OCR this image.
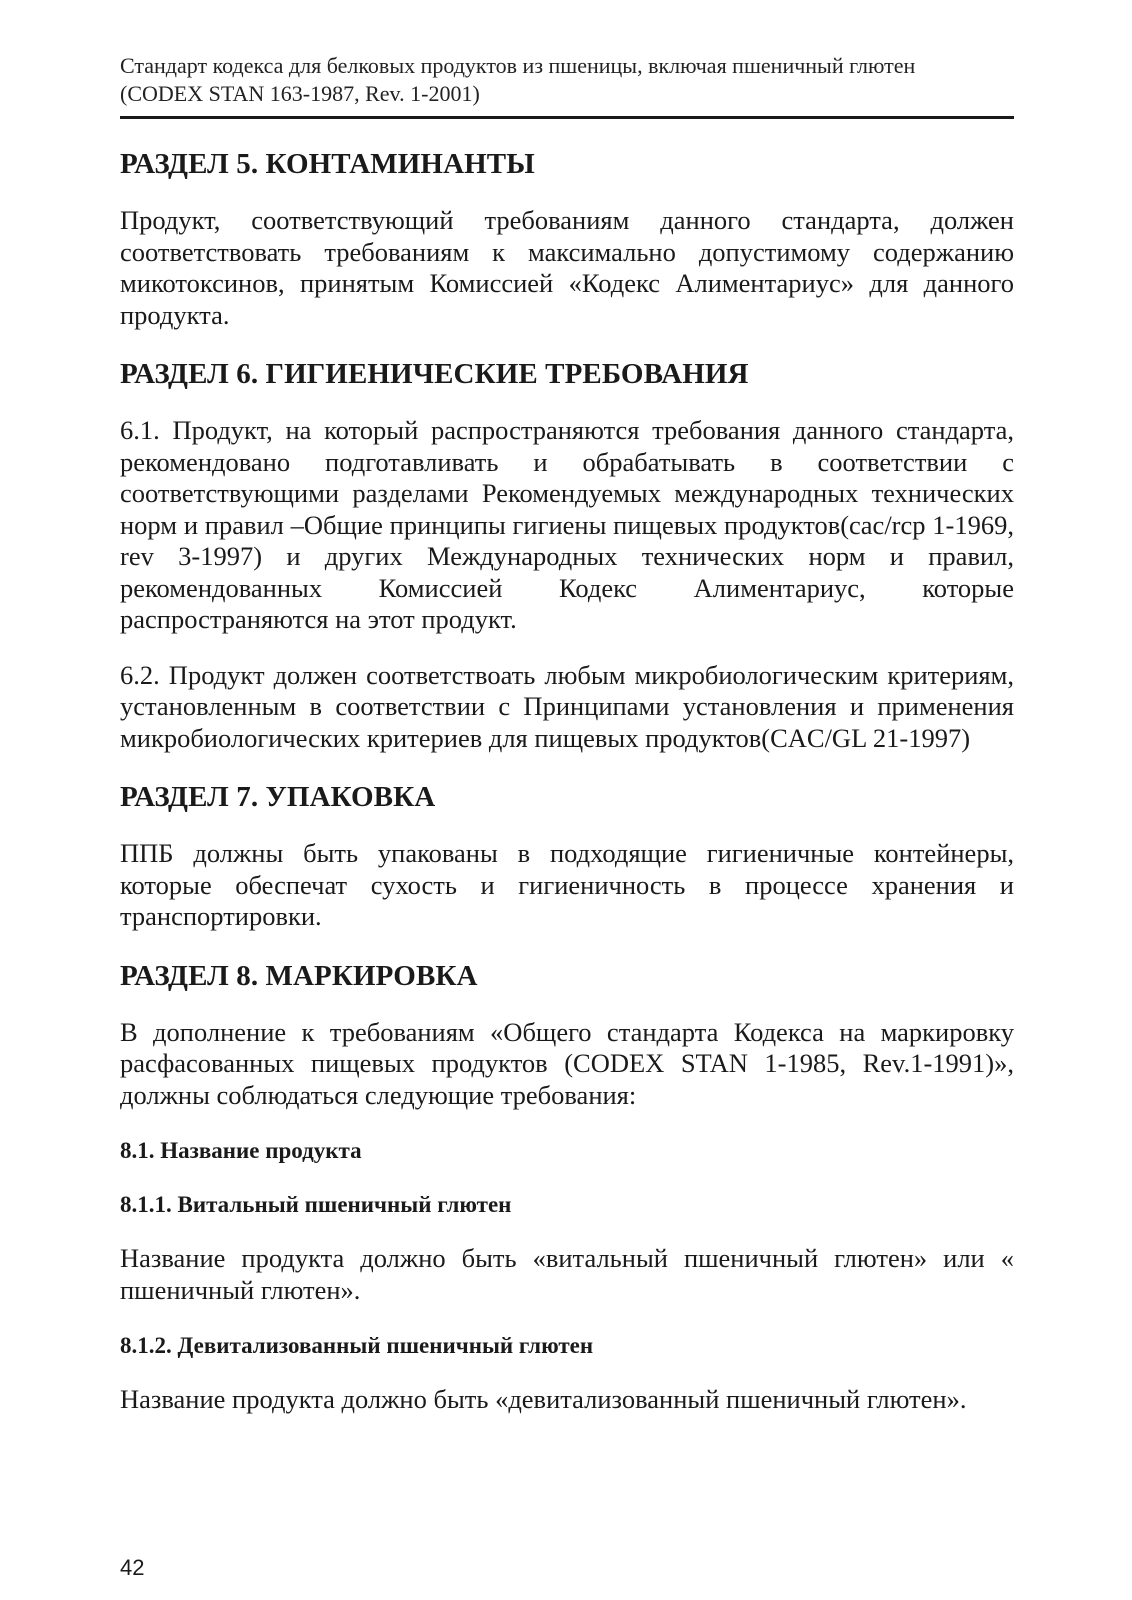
Стандарт кодекса для белковых продуктов из пшеницы, включая пшеничный глютен
(CODEX STAN 163-1987, Rev. 1-2001)
РАЗДЕЛ 5. КОНТАМИНАНТЫ

Продукт, соответствующий требованиям данного стандарта, должен соответствовать требованиям к максимально допустимому содержанию микотоксинов, принятым Комиссией «Кодекс Алиментариус» для данного продукта.

РАЗДЕЛ 6. ГИГИЕНИЧЕСКИЕ ТРЕБОВАНИЯ

6.1. Продукт, на который распространяются требования данного стандарта, рекомендовано подготавливать и обрабатывать в соответствии с соответствующими разделами Рекомендуемых международных технических норм и правил –Общие принципы гигиены пищевых продуктов(cac/rcp 1-1969, rev 3-1997) и других Международных технических норм и правил, рекомендованных Комиссией Кодекс Алиментариус, которые распространяются на этот продукт.

6.2. Продукт должен соответствоать любым микробиологическим критериям, установленным в соответствии с Принципами установления и применения микробиологических критериев для пищевых продуктов(CAC/GL 21-1997)

РАЗДЕЛ 7. УПАКОВКА

ППБ должны быть упакованы в подходящие гигиеничные контейнеры, которые обеспечат сухость и гигиеничность в процессе хранения и транспортировки.

РАЗДЕЛ 8. МАРКИРОВКА

В дополнение к требованиям «Общего стандарта Кодекса на маркировку расфасованных пищевых продуктов (CODEX STAN 1-1985, Rev.1-1991)», должны соблюдаться следующие требования:

8.1. Название продукта
8.1.1. Витальный пшеничный глютен

Название продукта должно быть «витальный пшеничный глютен» или « пшеничный глютен».

8.1.2. Девитализованный пшеничный глютен

Название продукта должно быть «девитализованный пшеничный глютен».

42
